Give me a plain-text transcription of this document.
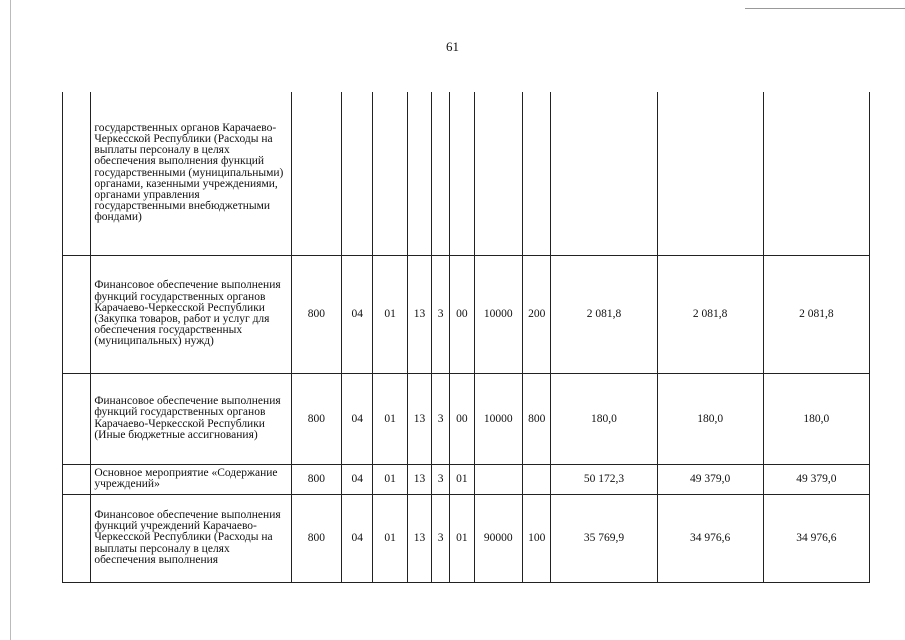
61
	государственных органов Карачаево-Черкесской Республики (Расходы на выплаты персоналу в целях обеспечения выполнения функций государственными (муниципальными) органами, казенными учреждениями, органами управления государственными внебюджетными фондами)											
	Финансовое обеспечение выполнения функций государственных органов Карачаево-Черкесской Республики (Закупка товаров, работ и услуг для обеспечения государственных (муниципальных) нужд)	800	04	01	13	3	00	10000	200	2 081,8	2 081,8	2 081,8
	Финансовое обеспечение выполнения функций государственных органов Карачаево-Черкесской Республики (Иные бюджетные ассигнования)	800	04	01	13	3	00	10000	800	180,0	180,0	180,0
	Основное мероприятие «Содержание учреждений»	800	04	01	13	3	01			50 172,3	49 379,0	49 379,0
	Финансовое обеспечение выполнения функций учреждений Карачаево-Черкесской Республики (Расходы на выплаты персоналу в целях обеспечения выполнения	800	04	01	13	3	01	90000	100	35 769,9	34 976,6	34 976,6
